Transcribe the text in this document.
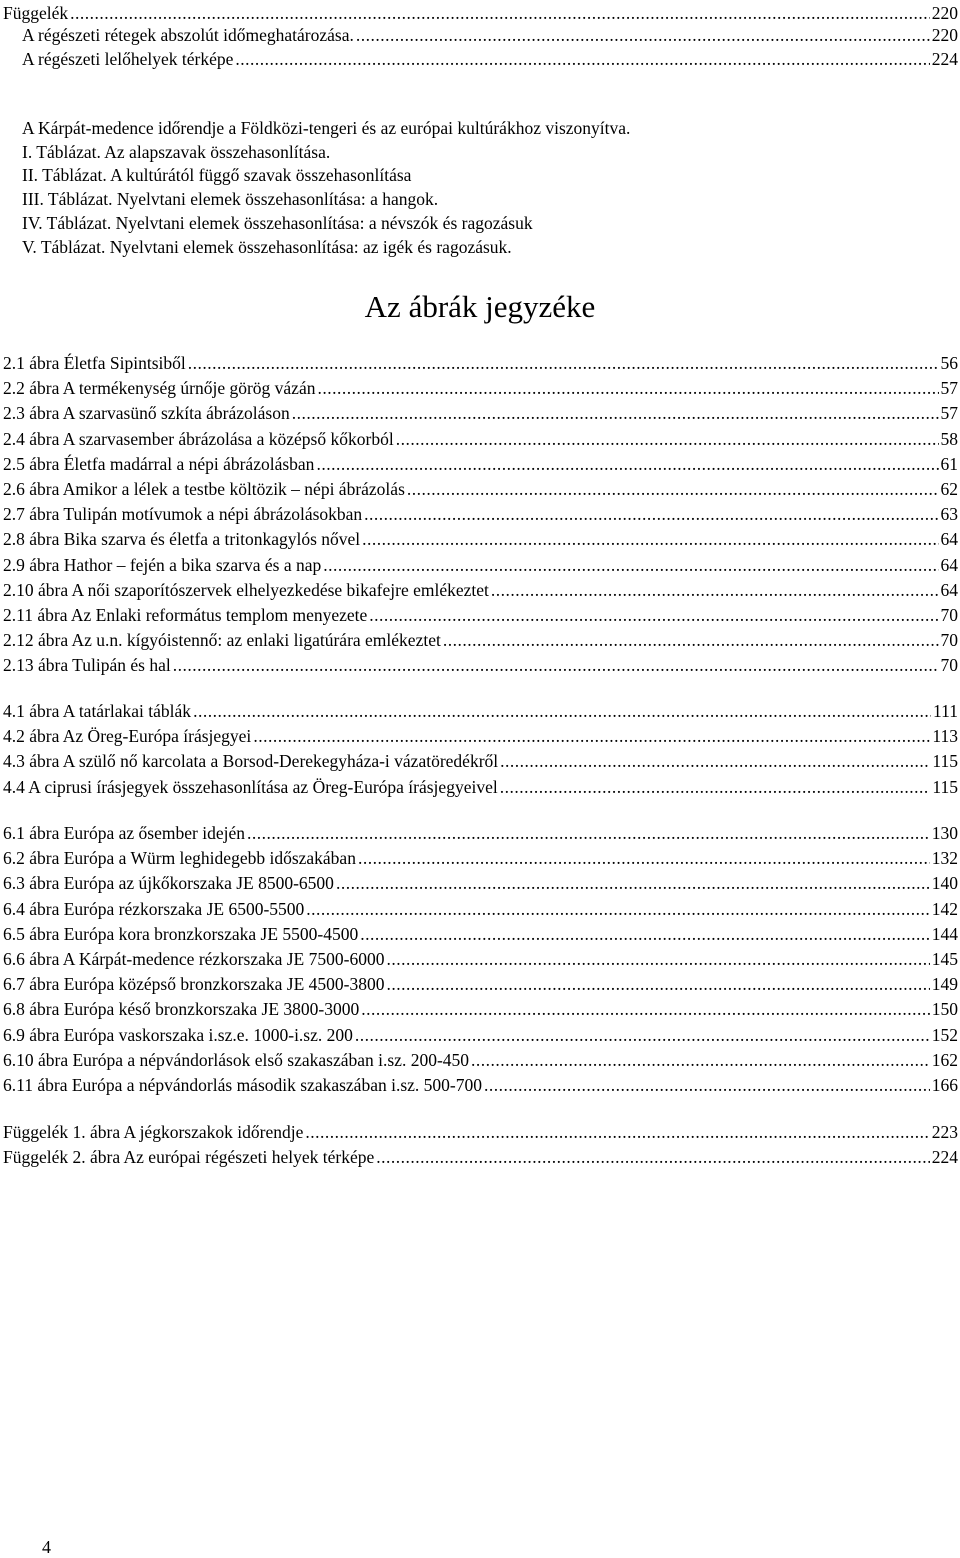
Függelék .....	220
A régészeti rétegek abszolút időmeghatározása. .....	220
A régészeti lelőhelyek térképe .....	224
A Kárpát-medence időrendje a Földközi-tengeri és az európai kultúrákhoz viszonyítva.
I. Táblázat. Az alapszavak összehasonlítása.
II. Táblázat. A kultúrától függő szavak összehasonlítása
III. Táblázat. Nyelvtani elemek összehasonlítása: a hangok.
IV. Táblázat. Nyelvtani elemek összehasonlítása: a névszók és ragozásuk
V. Táblázat. Nyelvtani elemek összehasonlítása: az igék és ragozásuk.
Az ábrák jegyzéke
2.1 ábra Életfa Sipintsiből .....	56
2.2 ábra A termékenység úrnője görög vázán .....	57
2.3 ábra A szarvasünő szkíta ábrázoláson .....	57
2.4 ábra A szarvasember ábrázolása a középső kőkorból .....	58
2.5 ábra Életfa madárral a népi ábrázolásban .....	61
2.6 ábra Amikor a lélek a testbe költözik – népi ábrázolás .....	62
2.7 ábra Tulipán motívumok a népi ábrázolásokban .....	63
2.8 ábra Bika szarva és életfa a tritonkagylós nővel .....	64
2.9 ábra Hathor – fején a bika szarva és a nap .....	64
2.10 ábra A női szaporítószervek elhelyezkedése bikafejre emlékeztet .....	64
2.11 ábra Az Enlaki református templom menyezete .....	70
2.12 ábra Az u.n. kígyóistennő: az enlaki ligatúrára emlékeztet .....	70
2.13 ábra Tulipán és hal .....	70
4.1 ábra A tatárlakai táblák .....	111
4.2 ábra Az Öreg-Európa írásjegyei .....	113
4.3 ábra A szülő nő karcolata a Borsod-Derekegyháza-i vázatöredékről .....	115
4.4 A ciprusi írásjegyek összehasonlítása az Öreg-Európa írásjegyeivel .....	115
6.1 ábra Európa az ősember idején .....	130
6.2 ábra Európa a Würm leghidegebb időszakában .....	132
6.3 ábra Európa az újkőkorszaka JE 8500-6500 .....	140
6.4 ábra Európa rézkorszaka JE 6500-5500 .....	142
6.5 ábra Európa kora bronzkorszaka JE 5500-4500 .....	144
6.6 ábra A Kárpát-medence rézkorszaka JE 7500-6000 .....	145
6.7 ábra Európa középső bronzkorszaka JE 4500-3800 .....	149
6.8 ábra Európa késő bronzkorszaka JE 3800-3000 .....	150
6.9 ábra Európa vaskorszaka i.sz.e. 1000-i.sz. 200 .....	152
6.10 ábra Európa a népvándorlások első szakaszában i.sz. 200-450 .....	162
6.11 ábra Európa a népvándorlás második szakaszában i.sz. 500-700 .....	166
Függelék 1. ábra A jégkorszakok időrendje .....	223
Függelék 2. ábra Az európai régészeti helyek térképe .....	224
4
